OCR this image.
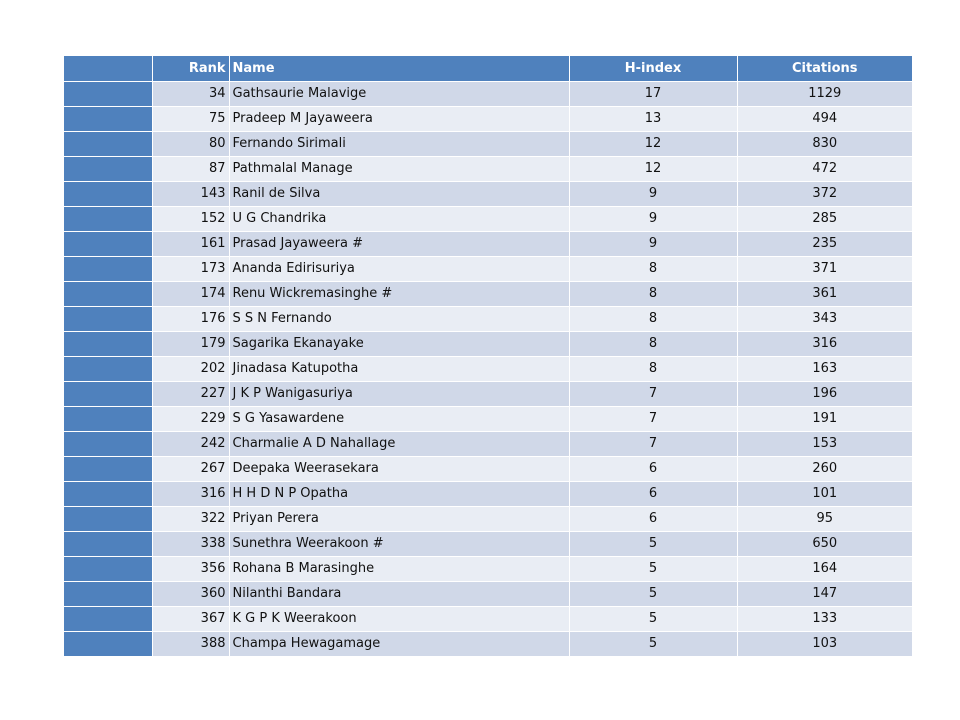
	Rank	Name	H-index	Citations
	34	Gathsaurie Malavige	17	1129
	75	Pradeep M Jayaweera	13	494
	80	Fernando Sirimali	12	830
	87	Pathmalal Manage	12	472
	143	Ranil de Silva	9	372
	152	U G Chandrika	9	285
	161	Prasad Jayaweera #	9	235
	173	Ananda Edirisuriya	8	371
	174	Renu Wickremasinghe #	8	361
	176	S S N Fernando	8	343
	179	Sagarika Ekanayake	8	316
	202	Jinadasa Katupotha	8	163
	227	J K P Wanigasuriya	7	196
	229	S G Yasawardene	7	191
	242	Charmalie A D Nahallage	7	153
	267	Deepaka Weerasekara	6	260
	316	H H D N P Opatha	6	101
	322	Priyan Perera	6	95
	338	Sunethra Weerakoon #	5	650
	356	Rohana B Marasinghe	5	164
	360	Nilanthi Bandara	5	147
	367	K G P K Weerakoon	5	133
	388	Champa Hewagamage	5	103
